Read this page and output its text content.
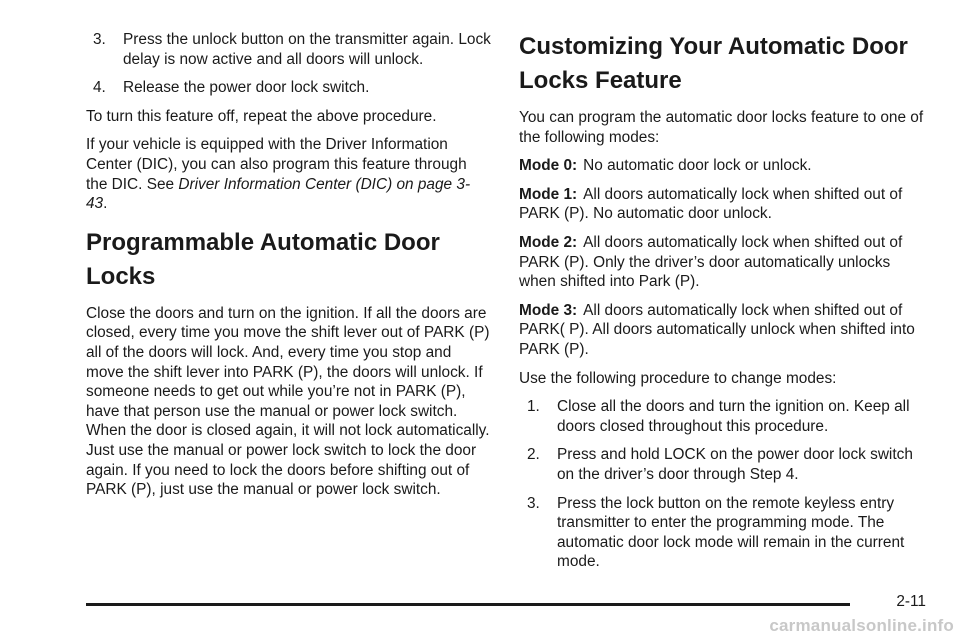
3.	Press the unlock button on the transmitter again. Lock delay is now active and all doors will unlock.
4.	Release the power door lock switch.

To turn this feature off, repeat the above procedure.

If your vehicle is equipped with the Driver Information Center (DIC), you can also program this feature through the DIC. See Driver Information Center (DIC) on page 3-43.

Programmable Automatic Door Locks

Close the doors and turn on the ignition. If all the doors are closed, every time you move the shift lever out of PARK (P) all of the doors will lock. And, every time you stop and move the shift lever into PARK (P), the doors will unlock. If someone needs to get out while you’re not in PARK (P), have that person use the manual or power lock switch. When the door is closed again, it will not lock automatically. Just use the manual or power lock switch to lock the door again. If you need to lock the doors before shifting out of PARK (P), just use the manual or power lock switch.

Customizing Your Automatic Door Locks Feature

You can program the automatic door locks feature to one of the following modes:

Mode 0: No automatic door lock or unlock.

Mode 1: All doors automatically lock when shifted out of PARK (P). No automatic door unlock.

Mode 2: All doors automatically lock when shifted out of PARK (P). Only the driver’s door automatically unlocks when shifted into Park (P).

Mode 3: All doors automatically lock when shifted out of PARK( P). All doors automatically unlock when shifted into PARK (P).

Use the following procedure to change modes:

1.	Close all the doors and turn the ignition on. Keep all doors closed throughout this procedure.
2.	Press and hold LOCK on the power door lock switch on the driver’s door through Step 4.
3.	Press the lock button on the remote keyless entry transmitter to enter the programming mode. The automatic door lock mode will remain in the current mode.
2-11
carmanualsonline.info
